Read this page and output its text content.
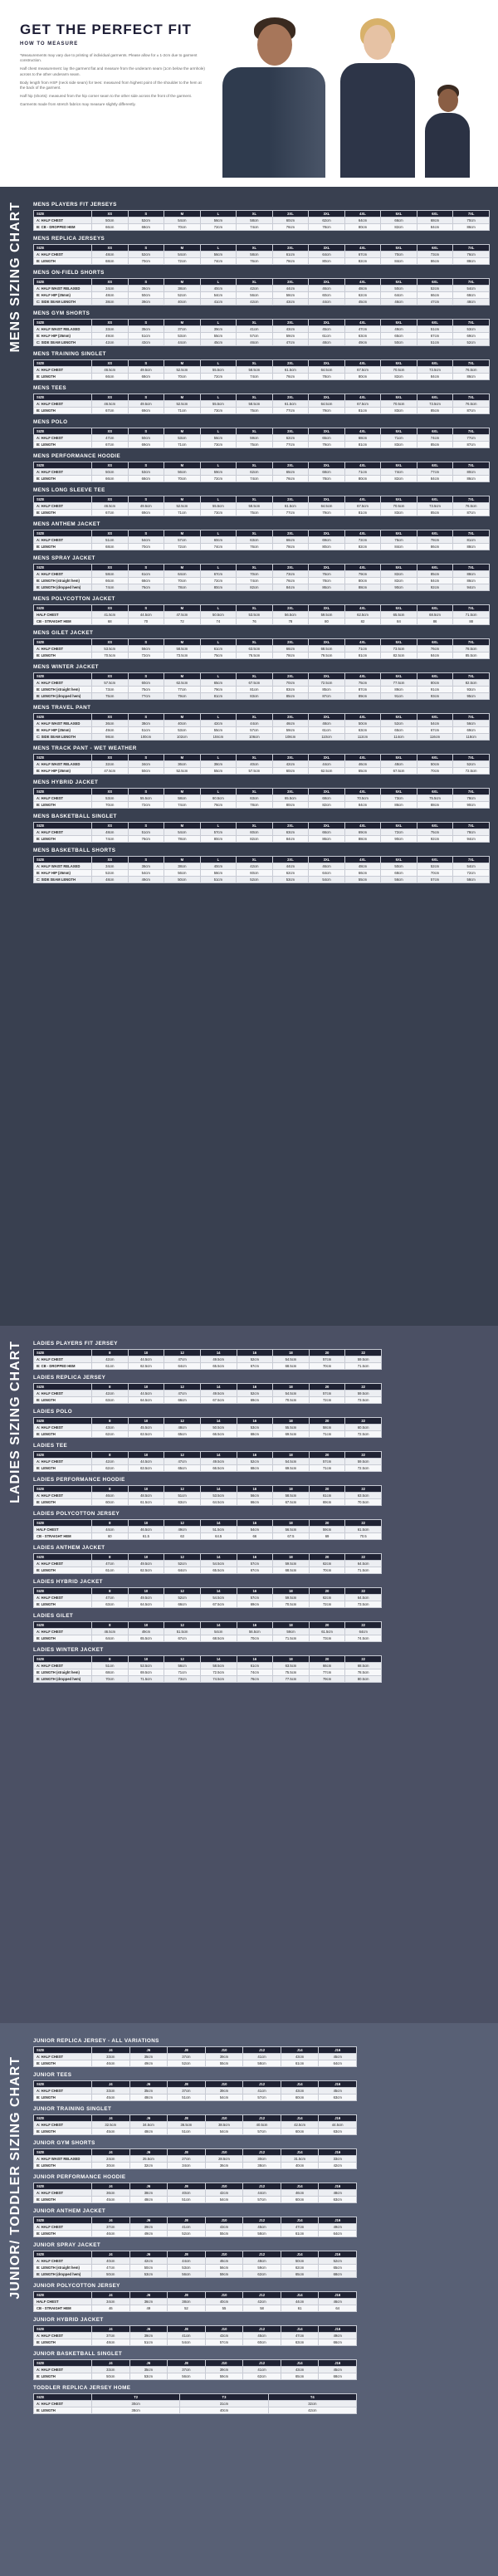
GET THE PERFECT FIT
HOW TO MEASURE

*Measurements may vary due to printing of individual garments. Please allow for ± 1-2cm due to garment construction.

Half chest measurement: lay the garment flat and measure from the underarm seam (1cm below the armhole) across to the other underarm seam.

Body length from HSP (neck side seam) for tees: measured from highest point of the shoulder to the hem at the back of the garment.

Half hip (shorts): measured from the hip corner seam to the other side across the front of the garment.

Garments made from stretch fabrics may measure slightly differently.

MENS SIZING CHART MENS PLAYERS FIT JERSEYS
SIZE	XS	S	M	L	XL	2XL	3XL	4XL	5XL	6XL	7XL
A: HALF CHEST	50cm	52cm	54cm	56cm	58cm	60cm	62cm	64cm	66cm	68cm	70cm
B: CB - DROPPED HEM	66cm	68cm	70cm	72cm	74cm	76cm	78cm	80cm	82cm	84cm	86cm
MENS REPLICA JERSEYS
SIZE	XS	S	M	L	XL	2XL	3XL	4XL	5XL	6XL	7XL
A: HALF CHEST	48cm	52cm	54cm	56cm	58cm	61cm	64cm	67cm	70cm	73cm	76cm
B: LENGTH	68cm	70cm	72cm	74cm	76cm	78cm	80cm	82cm	84cm	86cm	88cm
MENS ON-FIELD SHORTS
SIZE	XS	S	M	L	XL	2XL	3XL	4XL	5XL	6XL	7XL
A: HALF WAIST RELAXED	34cm	36cm	38cm	40cm	42cm	44cm	46cm	48cm	50cm	52cm	54cm
B: HALF HIP (25mm)	48cm	50cm	52cm	54cm	56cm	58cm	60cm	62cm	64cm	66cm	68cm
C: SIDE SEAM LENGTH	38cm	39cm	40cm	41cm	42cm	43cm	44cm	45cm	46cm	47cm	48cm
MENS GYM SHORTS
SIZE	XS	S	M	L	XL	2XL	3XL	4XL	5XL	6XL	7XL
A: HALF WAIST RELAXED	33cm	35cm	37cm	39cm	41cm	43cm	45cm	47cm	49cm	51cm	53cm
B: HALF HIP (25mm)	49cm	51cm	53cm	55cm	57cm	59cm	61cm	63cm	65cm	67cm	69cm
C: SIDE SEAM LENGTH	42cm	43cm	44cm	45cm	46cm	47cm	48cm	49cm	50cm	51cm	52cm
MENS TRAINING SINGLET
SIZE	XS	S	M	L	XL	2XL	3XL	4XL	5XL	6XL	7XL
A: HALF CHEST	46.5cm	49.5cm	52.5cm	55.5cm	58.5cm	61.5cm	64.5cm	67.5cm	70.5cm	73.5cm	76.5cm
B: LENGTH	66cm	68cm	70cm	72cm	74cm	76cm	78cm	80cm	82cm	84cm	86cm
MENS TEES
SIZE	XS	S	M	L	XL	2XL	3XL	4XL	5XL	6XL	7XL
A: HALF CHEST	46.5cm	49.5cm	52.5cm	55.5cm	58.5cm	61.5cm	64.5cm	67.5cm	70.5cm	73.5cm	76.5cm
B: LENGTH	67cm	69cm	71cm	73cm	75cm	77cm	79cm	81cm	83cm	85cm	87cm
MENS POLO
SIZE	XS	S	M	L	XL	2XL	3XL	4XL	5XL	6XL	7XL
A: HALF CHEST	47cm	50cm	53cm	56cm	59cm	62cm	65cm	68cm	71cm	74cm	77cm
B: LENGTH	67cm	69cm	71cm	73cm	75cm	77cm	79cm	81cm	83cm	85cm	87cm
MENS PERFORMANCE HOODIE
SIZE	XS	S	M	L	XL	2XL	3XL	4XL	5XL	6XL	7XL
A: HALF CHEST	50cm	53cm	56cm	59cm	62cm	65cm	68cm	71cm	74cm	77cm	80cm
B: LENGTH	66cm	68cm	70cm	72cm	74cm	76cm	78cm	80cm	82cm	84cm	86cm
MENS LONG SLEEVE TEE
SIZE	XS	S	M	L	XL	2XL	3XL	4XL	5XL	6XL	7XL
A: HALF CHEST	46.5cm	49.5cm	52.5cm	55.5cm	58.5cm	61.5cm	64.5cm	67.5cm	70.5cm	73.5cm	76.5cm
B: LENGTH	67cm	69cm	71cm	73cm	75cm	77cm	79cm	81cm	83cm	85cm	87cm
MENS ANTHEM JACKET
SIZE	XS	S	M	L	XL	2XL	3XL	4XL	5XL	6XL	7XL
A: HALF CHEST	51cm	54cm	57cm	60cm	63cm	66cm	69cm	72cm	75cm	78cm	81cm
B: LENGTH	68cm	70cm	72cm	74cm	76cm	78cm	80cm	82cm	84cm	86cm	88cm
MENS SPRAY JACKET
SIZE	XS	S	M	L	XL	2XL	3XL	4XL	5XL	6XL	7XL
A: HALF CHEST	58cm	61cm	64cm	67cm	70cm	73cm	76cm	79cm	82cm	85cm	88cm
B: LENGTH (straight hem)	66cm	68cm	70cm	72cm	74cm	76cm	78cm	80cm	82cm	84cm	86cm
B: LENGTH (dropped hem)	74cm	76cm	78cm	80cm	82cm	84cm	86cm	88cm	90cm	92cm	94cm
MENS POLYCOTTON JACKET
SIZE	XS	S	M	L	XL	2XL	3XL	4XL	5XL	6XL	7XL
HALF CHEST	41.5cm	44.5cm	47.5cm	50.5cm	53.5cm	56.5cm	59.5cm	62.5cm	65.5cm	68.5cm	71.5cm
CB - STRAIGHT HEM	68	70	72	74	76	78	80	82	84	86	88
MENS GILET JACKET
SIZE	XS	S	M	L	XL	2XL	3XL	4XL	5XL	6XL	7XL
A: HALF CHEST	53.5cm	56cm	58.5cm	61cm	63.5cm	66cm	68.5cm	71cm	73.5cm	76cm	78.5cm
B: LENGTH	70.5cm	72cm	73.5cm	75cm	76.5cm	78cm	79.5cm	81cm	82.5cm	84cm	85.5cm
MENS WINTER JACKET
SIZE	XS	S	M	L	XL	2XL	3XL	4XL	5XL	6XL	7XL
A: HALF CHEST	57.5cm	60cm	62.5cm	65cm	67.5cm	70cm	72.5cm	75cm	77.5cm	80cm	82.5cm
B: LENGTH (straight hem)	73cm	75cm	77cm	79cm	81cm	83cm	85cm	87cm	89cm	91cm	93cm
B: LENGTH (dropped hem)	75cm	77cm	79cm	81cm	83cm	85cm	87cm	89cm	91cm	93cm	95cm
MENS TRAVEL PANT
SIZE	XS	S	M	L	XL	2XL	3XL	4XL	5XL	6XL	7XL
A: HALF WAIST RELAXED	36cm	38cm	40cm	42cm	44cm	46cm	48cm	50cm	52cm	54cm	56cm
B: HALF HIP (25mm)	49cm	51cm	53cm	55cm	57cm	59cm	61cm	63cm	65cm	67cm	69cm
C: SIDE SEAM LENGTH	98cm	100cm	102cm	104cm	106cm	108cm	110cm	112cm	114cm	116cm	118cm
MENS TRACK PANT - WET WEATHER
SIZE	XS	S	M	L	XL	2XL	3XL	4XL	5XL	6XL	7XL
A: HALF WAIST RELAXED	32cm	34cm	36cm	38cm	40cm	42cm	44cm	46cm	48cm	50cm	52cm
B: HALF HIP (25mm)	47.5cm	50cm	52.5cm	55cm	57.5cm	60cm	62.5cm	65cm	67.5cm	70cm	72.5cm
MENS HYBRID JACKET
SIZE	XS	S	M	L	XL	2XL	3XL	4XL	5XL	6XL	7XL
A: HALF CHEST	53cm	55.5cm	58cm	60.5cm	63cm	65.5cm	68cm	70.5cm	73cm	75.5cm	78cm
B: LENGTH	70cm	72cm	74cm	76cm	78cm	80cm	82cm	84cm	86cm	88cm	90cm
MENS BASKETBALL SINGLET
SIZE	XS	S	M	L	XL	2XL	3XL	4XL	5XL	6XL	7XL
A: HALF CHEST	48cm	51cm	54cm	57cm	60cm	63cm	66cm	69cm	72cm	75cm	78cm
B: LENGTH	74cm	76cm	78cm	80cm	82cm	84cm	86cm	88cm	90cm	92cm	94cm
MENS BASKETBALL SHORTS
SIZE	XS	S	M	L	XL	2XL	3XL	4XL	5XL	6XL	7XL
A: HALF WAIST RELAXED	34cm	36cm	38cm	40cm	42cm	44cm	46cm	48cm	50cm	52cm	54cm
B: HALF HIP (25mm)	52cm	54cm	56cm	58cm	60cm	62cm	64cm	66cm	68cm	70cm	72cm
C: SIDE SEAM LENGTH	48cm	49cm	50cm	51cm	52cm	53cm	54cm	55cm	56cm	57cm	58cm
LADIES SIZING CHART LADIES PLAYERS FIT JERSEY
SIZE	8	10	12	14	16	18	20	22
A: HALF CHEST	42cm	44.5cm	47cm	49.5cm	52cm	54.5cm	57cm	59.5cm
B: CB - DROPPED HEM	61cm	62.5cm	64cm	65.5cm	67cm	68.5cm	70cm	71.5cm
LADIES REPLICA JERSEY
SIZE	8	10	12	14	16	18	20	22
A: HALF CHEST	42cm	44.5cm	47cm	49.5cm	52cm	54.5cm	57cm	59.5cm
B: LENGTH	63cm	64.5cm	66cm	67.5cm	69cm	70.5cm	72cm	73.5cm
LADIES POLO
SIZE	8	10	12	14	16	18	20	22
A: HALF CHEST	43cm	45.5cm	48cm	50.5cm	53cm	55.5cm	58cm	60.5cm
B: LENGTH	62cm	63.5cm	65cm	66.5cm	68cm	69.5cm	71cm	72.5cm
LADIES TEE
SIZE	8	10	12	14	16	18	20	22
A: HALF CHEST	42cm	44.5cm	47cm	49.5cm	52cm	54.5cm	57cm	59.5cm
B: LENGTH	62cm	63.5cm	65cm	66.5cm	68cm	69.5cm	71cm	72.5cm
LADIES PERFORMANCE HOODIE
SIZE	8	10	12	14	16	18	20	22
A: HALF CHEST	46cm	48.5cm	51cm	53.5cm	56cm	58.5cm	61cm	63.5cm
B: LENGTH	60cm	61.5cm	63cm	64.5cm	66cm	67.5cm	69cm	70.5cm
LADIES POLYCOTTON JERSEY
SIZE	8	10	12	14	16	18	20	22
HALF CHEST	44cm	46.5cm	49cm	51.5cm	54cm	56.5cm	59cm	61.5cm
CB - STRAIGHT HEM	60	61.5	63	64.5	66	67.5	69	70.5
LADIES ANTHEM JACKET
SIZE	8	10	12	14	16	18	20	22
A: HALF CHEST	47cm	49.5cm	52cm	54.5cm	57cm	59.5cm	62cm	64.5cm
B: LENGTH	61cm	62.5cm	64cm	65.5cm	67cm	68.5cm	70cm	71.5cm
LADIES HYBRID JACKET
SIZE	8	10	12	14	16	18	20	22
A: HALF CHEST	47cm	49.5cm	52cm	54.5cm	57cm	59.5cm	62cm	64.5cm
B: LENGTH	63cm	64.5cm	66cm	67.5cm	69cm	70.5cm	72cm	73.5cm
LADIES GILET
SIZE	8	10	12	14	16	18	20	22
A: HALF CHEST	46.5cm	49cm	51.5cm	54cm	56.5cm	59cm	61.5cm	64cm
B: LENGTH	64cm	65.5cm	67cm	68.5cm	70cm	71.5cm	73cm	74.5cm
LADIES WINTER JACKET
SIZE	8	10	12	14	16	18	20	22
A: HALF CHEST	51cm	53.5cm	56cm	58.5cm	61cm	63.5cm	66cm	68.5cm
B: LENGTH (straight hem)	68cm	69.5cm	71cm	72.5cm	74cm	75.5cm	77cm	78.5cm
B: LENGTH (dropped hem)	70cm	71.5cm	73cm	74.5cm	76cm	77.5cm	79cm	80.5cm
JUNIOR/ TODDLER SIZING CHART
JUNIOR REPLICA JERSEY - ALL VARIATIONS
SIZE	J4	J6	J8	J10	J12	J14	J16
A: HALF CHEST	33cm	35cm	37cm	39cm	41cm	43cm	45cm
B: LENGTH	46cm	49cm	52cm	55cm	58cm	61cm	64cm
JUNIOR TEES
SIZE	J4	J6	J8	J10	J12	J14	J16
A: HALF CHEST	33cm	35cm	37cm	39cm	41cm	43cm	45cm
B: LENGTH	45cm	48cm	51cm	54cm	57cm	60cm	63cm
JUNIOR TRAINING SINGLET
SIZE	J4	J6	J8	J10	J12	J14	J16
A: HALF CHEST	32.5cm	34.5cm	36.5cm	38.5cm	40.5cm	42.5cm	44.5cm
B: LENGTH	45cm	48cm	51cm	54cm	57cm	60cm	63cm
JUNIOR GYM SHORTS
SIZE	J4	J6	J8	J10	J12	J14	J16
A: HALF WAIST RELAXED	24cm	25.5cm	27cm	28.5cm	30cm	31.5cm	33cm
B: LENGTH	30cm	32cm	34cm	36cm	38cm	40cm	42cm
JUNIOR PERFORMANCE HOODIE
SIZE	J4	J6	J8	J10	J12	J14	J16
A: HALF CHEST	36cm	38cm	40cm	42cm	44cm	46cm	48cm
B: LENGTH	45cm	48cm	51cm	54cm	57cm	60cm	63cm
JUNIOR ANTHEM JACKET
SIZE	J4	J6	J8	J10	J12	J14	J16
A: HALF CHEST	37cm	39cm	41cm	43cm	45cm	47cm	49cm
B: LENGTH	46cm	49cm	52cm	55cm	58cm	61cm	64cm
JUNIOR SPRAY JACKET
SIZE	J4	J6	J8	J10	J12	J14	J16
A: HALF CHEST	40cm	42cm	44cm	46cm	48cm	50cm	52cm
B: LENGTH (straight hem)	47cm	50cm	53cm	56cm	59cm	62cm	65cm
B: LENGTH (dropped hem)	50cm	53cm	56cm	59cm	62cm	65cm	68cm
JUNIOR POLYCOTTON JERSEY
SIZE	J4	J6	J8	J10	J12	J14	J16
HALF CHEST	34cm	36cm	38cm	40cm	42cm	44cm	46cm
CB - STRAIGHT HEM	46	49	52	55	58	61	64
JUNIOR HYBRID JACKET
SIZE	J4	J6	J8	J10	J12	J14	J16
A: HALF CHEST	37cm	39cm	41cm	43cm	45cm	47cm	49cm
B: LENGTH	48cm	51cm	54cm	57cm	60cm	63cm	66cm
JUNIOR BASKETBALL SINGLET
SIZE	J4	J6	J8	J10	J12	J14	J16
A: HALF CHEST	33cm	35cm	37cm	39cm	41cm	43cm	45cm
B: LENGTH	50cm	53cm	56cm	59cm	62cm	65cm	68cm
TODDLER REPLICA JERSEY HOME
SIZE	T2	T3	T4
A: HALF CHEST	30cm	31cm	32cm
B: LENGTH	38cm	40cm	42cm
